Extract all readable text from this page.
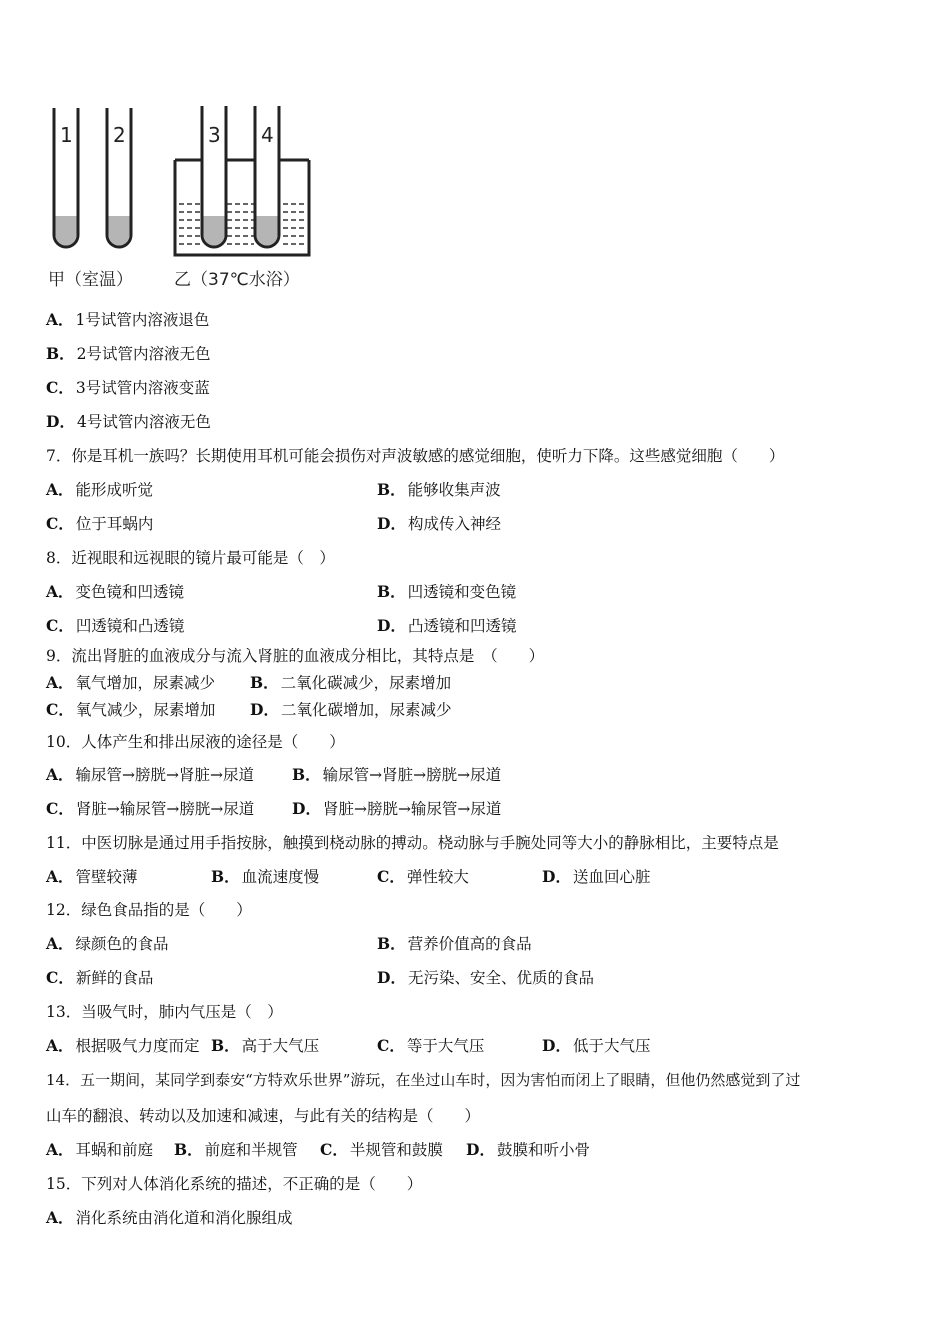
1 2	3 4
甲（室温） 乙（37℃水浴）
A． 1号试管内溶液退色
B． 2号试管内溶液无色
C． 3号试管内溶液变蓝
D． 4号试管内溶液无色
7．你是耳机一族吗？长期使用耳机可能会损伤对声波敏感的感觉细胞，使听力下降。这些感觉细胞（　　）
A． 能形成听觉	B． 能够收集声波
C． 位于耳蜗内	D． 构成传入神经
8．近视眼和远视眼的镜片最可能是（　）
A． 变色镜和凹透镜	B． 凹透镜和变色镜
C． 凹透镜和凸透镜	D． 凸透镜和凹透镜
9．流出肾脏的血液成分与流入肾脏的血液成分相比，其特点是　（　　）
A． 氧气增加，尿素减少 B． 二氧化碳减少，尿素增加
C． 氧气减少，尿素增加 D． 二氧化碳增加，尿素减少
10．人体产生和排出尿液的途径是（　　）
A． 输尿管→膀胱→肾脏→尿道 B． 输尿管→肾脏→膀胱→尿道
C． 肾脏→输尿管→膀胱→尿道 D． 肾脏→膀胱→输尿管→尿道
11．中医切脉是通过用手指按脉，触摸到桡动脉的搏动。桡动脉与手腕处同等大小的静脉相比，主要特点是
A． 管壁较薄	B． 血流速度慢	C． 弹性较大	D． 送血回心脏
12．绿色食品指的是（　　）
A． 绿颜色的食品	B． 营养价值高的食品
C． 新鲜的食品	D． 无污染、安全、优质的食品
13．当吸气时，肺内气压是（　）
A． 根据吸气力度而定 B． 高于大气压	C． 等于大气压	D． 低于大气压
14．五一期间，某同学到泰安“方特欢乐世界”游玩，在坐过山车时，因为害怕而闭上了眼睛，但他仍然感觉到了过
山车的翻浪、转动以及加速和减速，与此有关的结构是（　　）
A． 耳蜗和前庭 B． 前庭和半规管 C． 半规管和鼓膜 D． 鼓膜和听小骨
15．下列对人体消化系统的描述，不正确的是（　　）
A． 消化系统由消化道和消化腺组成
